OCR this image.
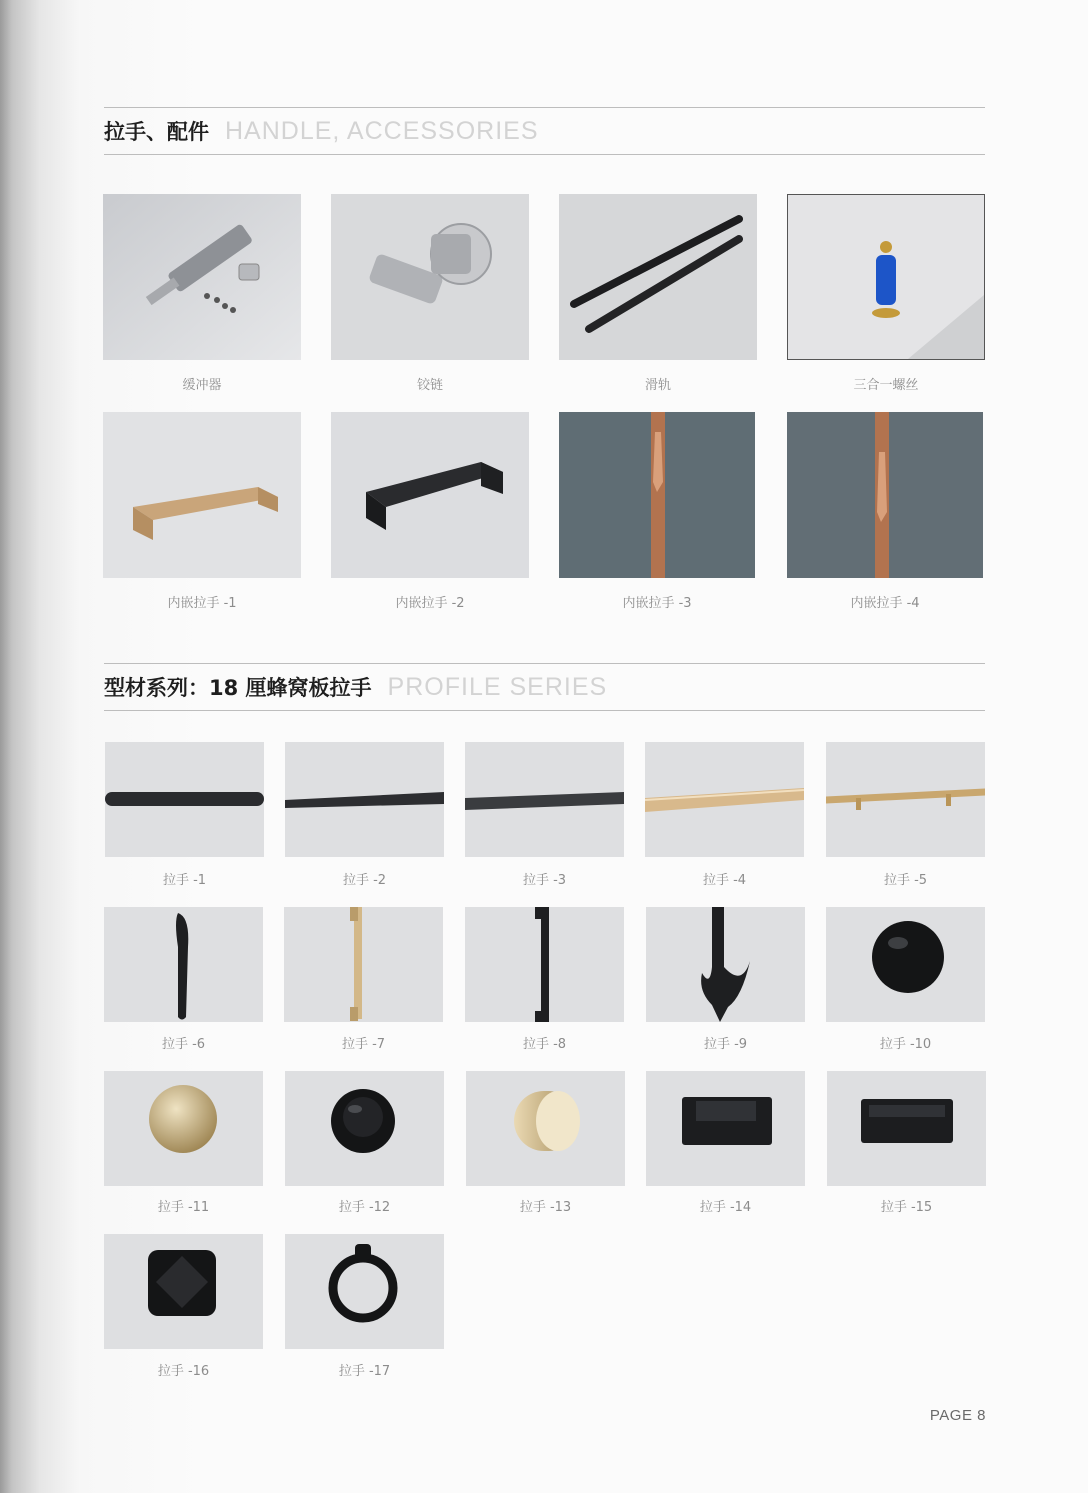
拉手、配件 HANDLE, ACCESSORIES
缓冲器	铰链	滑轨	三合一螺丝
内嵌拉手 -1	内嵌拉手 -2	内嵌拉手 -3	内嵌拉手 -4
型材系列：18 厘蜂窝板拉手 PROFILE SERIES
拉手 -1	拉手 -2	拉手 -3	拉手 -4	拉手 -5
拉手 -6	拉手 -7	拉手 -8	拉手 -9	拉手 -10
拉手 -11	拉手 -12	拉手 -13	拉手 -14	拉手 -15
拉手 -16	拉手 -17
PAGE 8
